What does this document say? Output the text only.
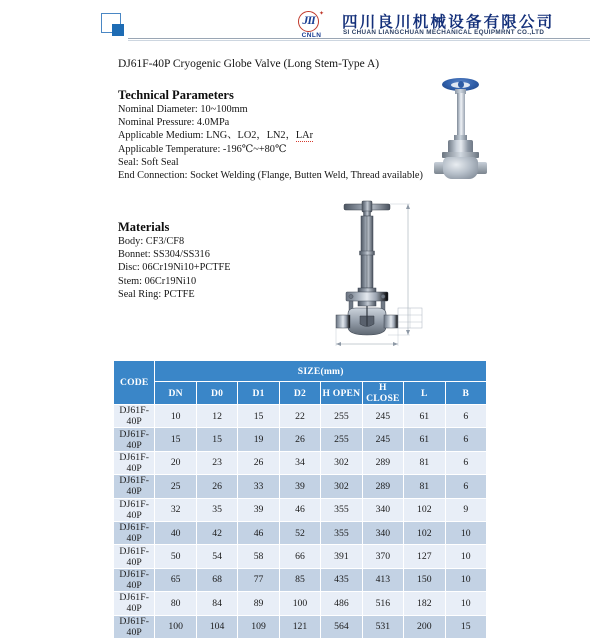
JII ✦
CNLN
四川良川机械设备有限公司
SI CHUAN LIANGCHUAN MECHANICAL EQUIPMRNT CO.,LTD
DJ61F-40P Cryogenic Globe Valve (Long Stem-Type A)
Technical Parameters
Nominal Diameter: 10~100mm
Nominal Pressure: 4.0MPa
Applicable Medium: LNG、LO2，LN2，LAr
Applicable Temperature: -196℃~+80℃
Seal: Soft Seal
End Connection: Socket Welding (Flange, Butten Weld, Thread available)
Materials
Body: CF3/CF8
Bonnet: SS304/SS316
Disc: 06Cr19Ni10+PCTFE
Stem: 06Cr19Ni10
Seal Ring: PCTFE
CODE	SIZE(mm)							
	DN	D0	D1	D2	H OPEN	H CLOSE	L	B
DJ61F-40P	10	12	15	22	255	245	61	6
DJ61F-40P	15	15	19	26	255	245	61	6
DJ61F-40P	20	23	26	34	302	289	81	6
DJ61F-40P	25	26	33	39	302	289	81	6
DJ61F-40P	32	35	39	46	355	340	102	9
DJ61F-40P	40	42	46	52	355	340	102	10
DJ61F-40P	50	54	58	66	391	370	127	10
DJ61F-40P	65	68	77	85	435	413	150	10
DJ61F-40P	80	84	89	100	486	516	182	10
DJ61F-40P	100	104	109	121	564	531	200	15
